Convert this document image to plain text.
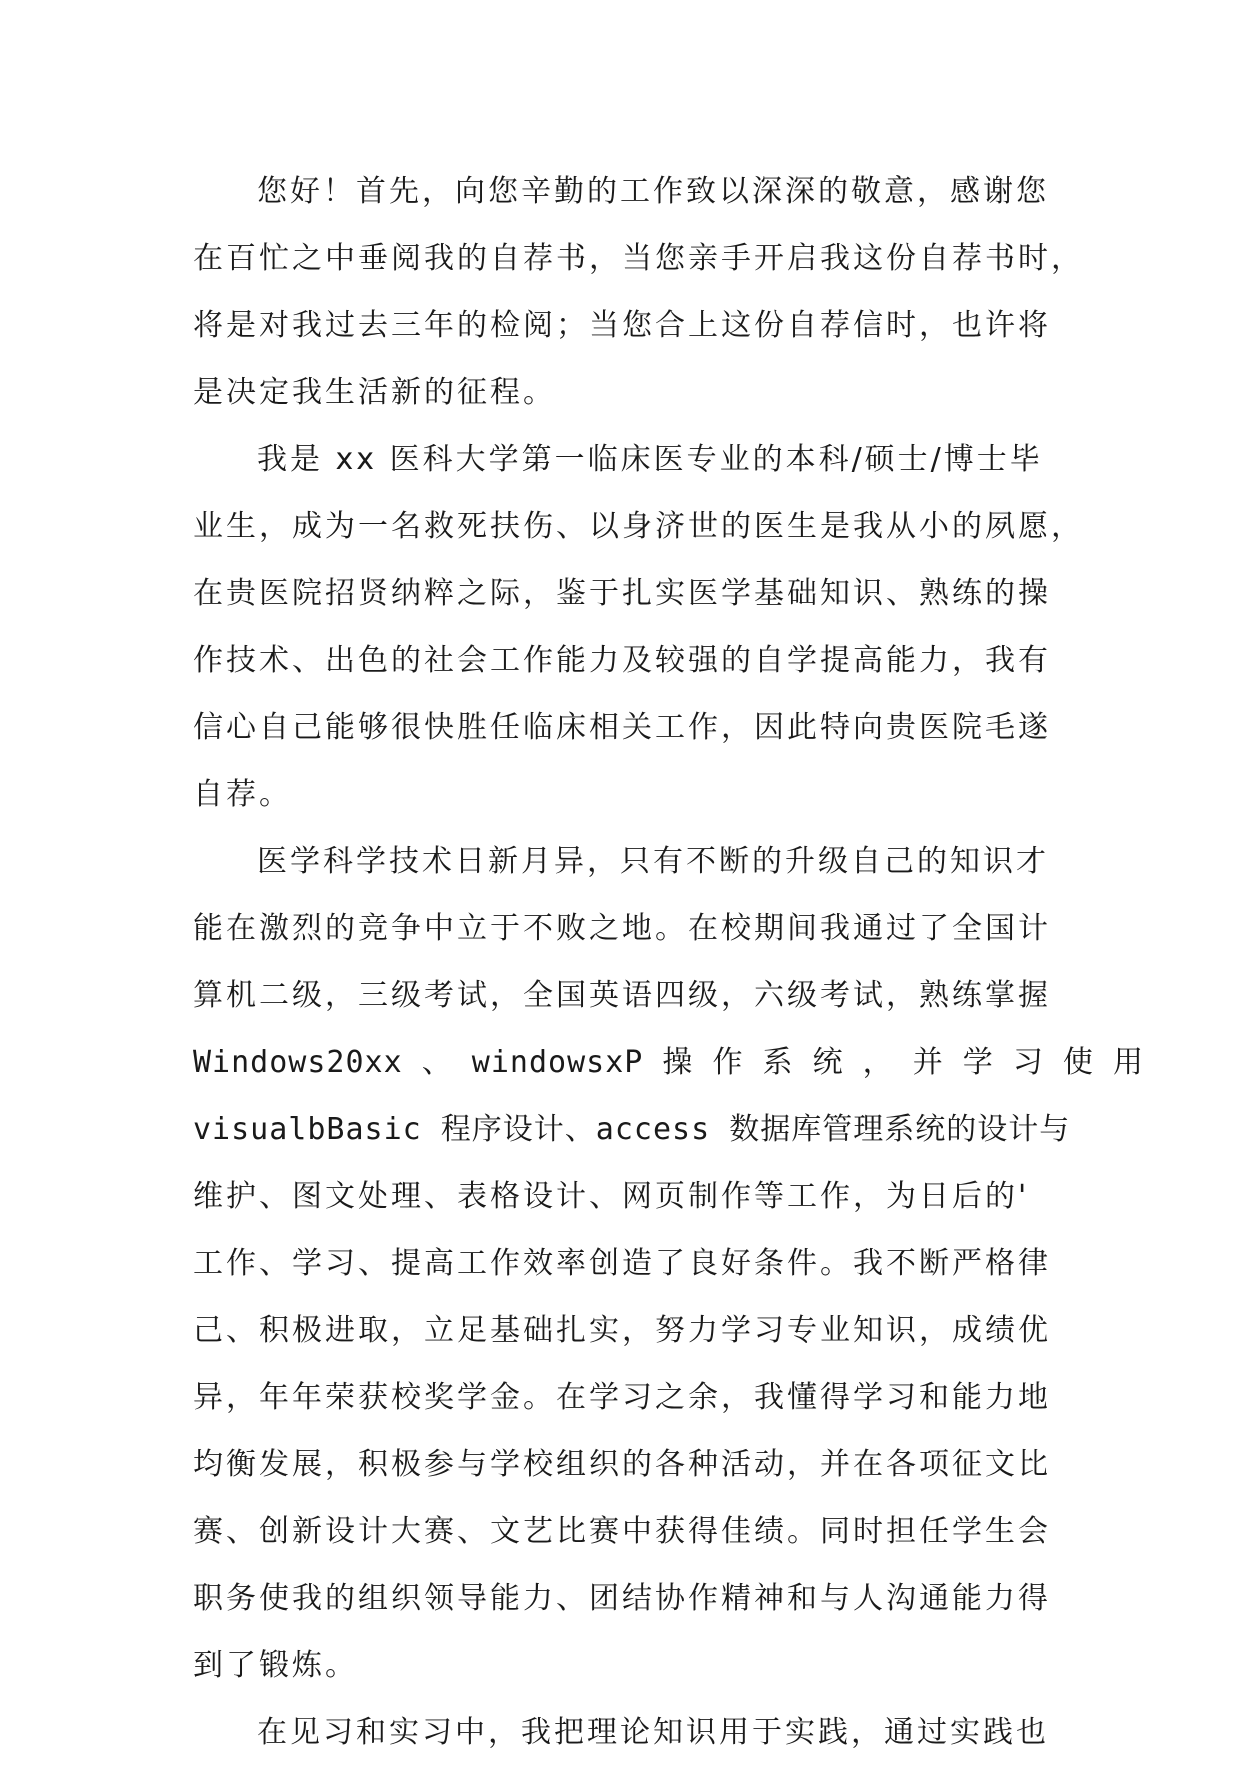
您好！首先，向您辛勤的工作致以深深的敬意，感谢您
在百忙之中垂阅我的自荐书，当您亲手开启我这份自荐书时，
将是对我过去三年的检阅；当您合上这份自荐信时，也许将
是决定我生活新的征程。
我是 xx 医科大学第一临床医专业的本科/硕士/博士毕
业生，成为一名救死扶伤、以身济世的医生是我从小的夙愿，
在贵医院招贤纳粹之际，鉴于扎实医学基础知识、熟练的操
作技术、出色的社会工作能力及较强的自学提高能力，我有
信心自己能够很快胜任临床相关工作，因此特向贵医院毛遂
自荐。
医学科学技术日新月异，只有不断的升级自己的知识才
能在激烈的竞争中立于不败之地。在校期间我通过了全国计
算机二级，三级考试，全国英语四级，六级考试，熟练掌握
Windows20xx 、 windowsxP 操 作 系 统 ， 并 学 习 使 用
visualbBasic 程序设计、access 数据库管理系统的设计与
维护、图文处理、表格设计、网页制作等工作，为日后的'
工作、学习、提高工作效率创造了良好条件。我不断严格律
己、积极进取，立足基础扎实，努力学习专业知识，成绩优
异，年年荣获校奖学金。在学习之余，我懂得学习和能力地
均衡发展，积极参与学校组织的各种活动，并在各项征文比
赛、创新设计大赛、文艺比赛中获得佳绩。同时担任学生会
职务使我的组织领导能力、团结协作精神和与人沟通能力得
到了锻炼。
在见习和实习中，我把理论知识用于实践，通过实践也
